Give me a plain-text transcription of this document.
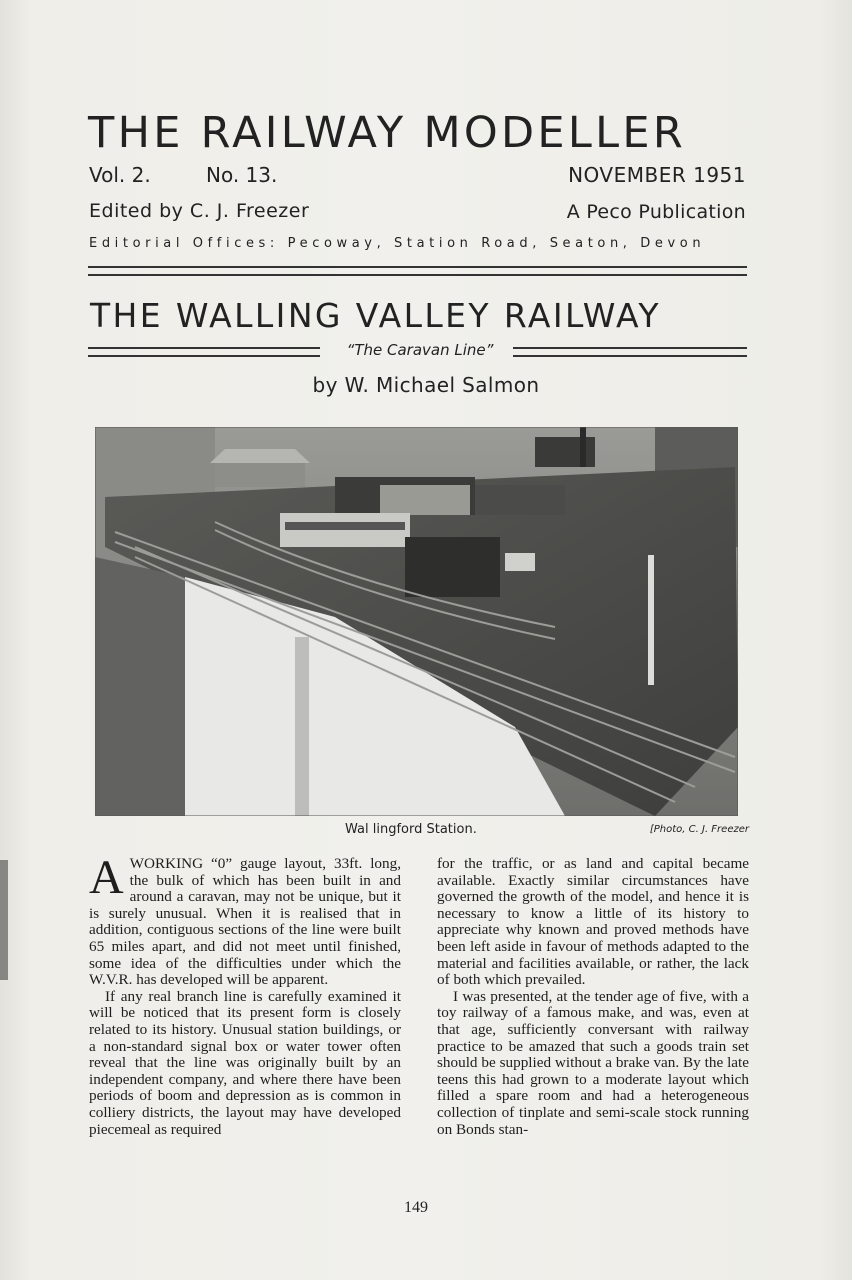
THE RAILWAY MODELLER
Vol. 2.	No. 13.	NOVEMBER 1951
Edited by C. J. Freezer	A Peco Publication
Editorial Offices: Pecoway, Station Road, Seaton, Devon
THE WALLING VALLEY RAILWAY
“The Caravan Line”
by W. Michael Salmon
Wal lingford Station.	[Photo, C. J. Freezer

AWORKING “0” gauge layout, 33ft. long, the bulk of which has been built in and around a caravan, may not be unique, but it is surely unusual. When it is realised that in addition, contiguous sections of the line were built 65 miles apart, and did not meet until finished, some idea of the difficulties under which the W.V.R. has developed will be apparent.

If any real branch line is carefully examined it will be noticed that its present form is closely related to its history. Unusual station buildings, or a non-standard signal box or water tower often reveal that the line was originally built by an independent company, and where there have been periods of boom and depression as is common in colliery districts, the layout may have developed piecemeal as required

for the traffic, or as land and capital became available. Exactly similar circumstances have governed the growth of the model, and hence it is necessary to know a little of its history to appreciate why known and proved methods have been left aside in favour of methods adapted to the material and facilities available, or rather, the lack of both which prevailed.

I was presented, at the tender age of five, with a toy railway of a famous make, and was, even at that age, sufficiently conversant with railway practice to be amazed that such a goods train set should be supplied without a brake van. By the late teens this had grown to a moderate layout which filled a spare room and had a heterogeneous collection of tinplate and semi-scale stock running on Bonds stan-

149
